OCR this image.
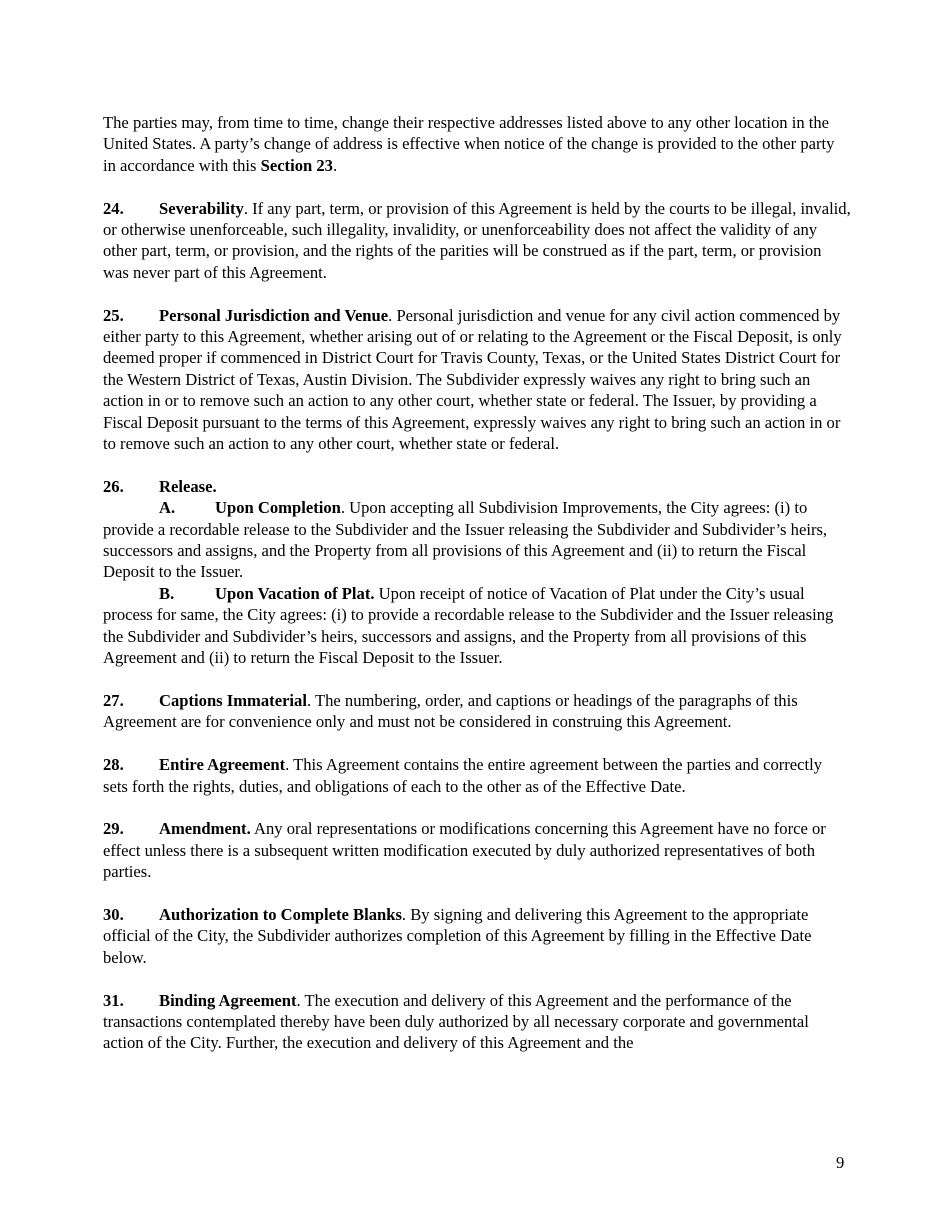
The parties may, from time to time, change their respective addresses listed above to any other location in the United States. A party’s change of address is effective when notice of the change is provided to the other party in accordance with this Section 23.

24. Severability. If any part, term, or provision of this Agreement is held by the courts to be illegal, invalid, or otherwise unenforceable, such illegality, invalidity, or unenforceability does not affect the validity of any other part, term, or provision, and the rights of the parities will be construed as if the part, term, or provision was never part of this Agreement.

25. Personal Jurisdiction and Venue. Personal jurisdiction and venue for any civil action commenced by either party to this Agreement, whether arising out of or relating to the Agreement or the Fiscal Deposit, is only deemed proper if commenced in District Court for Travis County, Texas, or the United States District Court for the Western District of Texas, Austin Division. The Subdivider expressly waives any right to bring such an action in or to remove such an action to any other court, whether state or federal. The Issuer, by providing a Fiscal Deposit pursuant to the terms of this Agreement, expressly waives any right to bring such an action in or to remove such an action to any other court, whether state or federal.

26. Release.

A. Upon Completion. Upon accepting all Subdivision Improvements, the City agrees: (i) to provide a recordable release to the Subdivider and the Issuer releasing the Subdivider and Subdivider’s heirs, successors and assigns, and the Property from all provisions of this Agreement and (ii) to return the Fiscal Deposit to the Issuer.

B. Upon Vacation of Plat. Upon receipt of notice of Vacation of Plat under the City’s usual process for same, the City agrees: (i) to provide a recordable release to the Subdivider and the Issuer releasing the Subdivider and Subdivider’s heirs, successors and assigns, and the Property from all provisions of this Agreement and (ii) to return the Fiscal Deposit to the Issuer.

27. Captions Immaterial. The numbering, order, and captions or headings of the paragraphs of this Agreement are for convenience only and must not be considered in construing this Agreement.

28. Entire Agreement. This Agreement contains the entire agreement between the parties and correctly sets forth the rights, duties, and obligations of each to the other as of the Effective Date.

29. Amendment. Any oral representations or modifications concerning this Agreement have no force or effect unless there is a subsequent written modification executed by duly authorized representatives of both parties.

30. Authorization to Complete Blanks. By signing and delivering this Agreement to the appropriate official of the City, the Subdivider authorizes completion of this Agreement by filling in the Effective Date below.

31. Binding Agreement. The execution and delivery of this Agreement and the performance of the transactions contemplated thereby have been duly authorized by all necessary corporate and governmental action of the City. Further, the execution and delivery of this Agreement and the

9
